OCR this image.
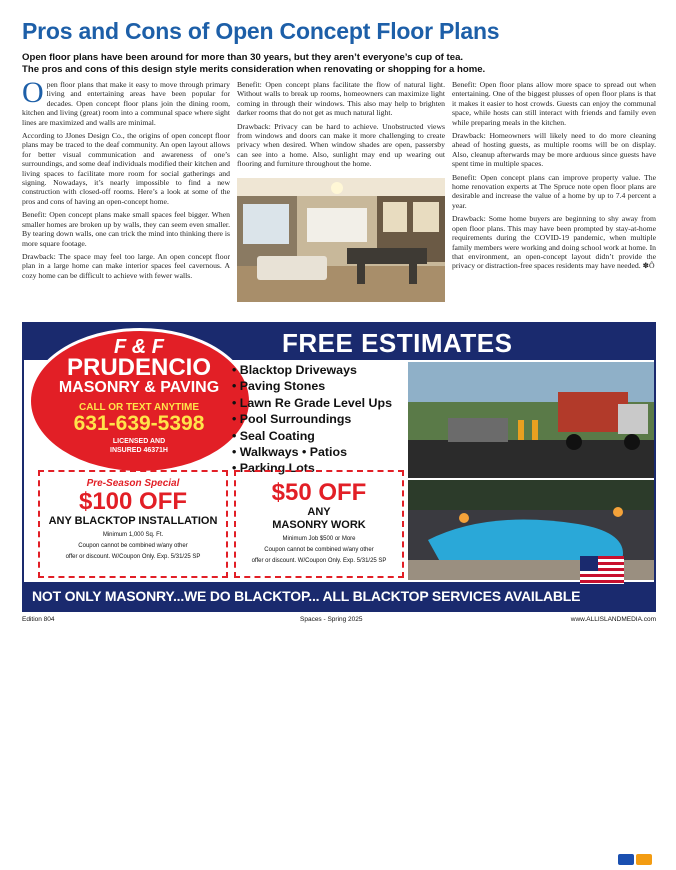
Pros and Cons of Open Concept Floor Plans
Open floor plans have been around for more than 30 years, but they aren’t everyone’s cup of tea.
The pros and cons of this design style merits consideration when renovating or shopping for a home.

Open floor plans that make it easy to move through primary living and entertaining areas have been popular for decades. Open concept floor plans join the dining room, kitchen and living (great) room into a communal space where sight lines are maximized and walls are minimal.

According to JJones Design Co., the origins of open concept floor plans may be traced to the deaf community. An open layout allows for better visual communication and awareness of one’s surroundings, and some deaf individuals modified their kitchen and living spaces to facilitate more room for social gatherings and signing. Nowadays, it’s nearly impossible to find a new construction with closed-off rooms. Here’s a look at some of the pros and cons of having an open-concept home.

Benefit: Open concept plans make small spaces feel bigger. When smaller homes are broken up by walls, they can seem even smaller. By tearing down walls, one can trick the mind into thinking there is more square footage.

Drawback: The space may feel too large. An open concept floor plan in a large home can make interior spaces feel cavernous. A cozy home can be difficult to achieve with fewer walls.

Benefit: Open concept plans facilitate the flow of natural light. Without walls to break up rooms, homeowners can maximize light coming in through their windows. This also may help to brighten darker rooms that do not get as much natural light.

Drawback: Privacy can be hard to achieve. Unobstructed views from windows and doors can make it more challenging to create privacy when desired. When window shades are open, passersby can see into a home. Also, sunlight may end up wearing out flooring and furniture throughout the home.

Benefit: Open floor plans allow more space to spread out when entertaining. One of the biggest plusses of open floor plans is that it makes it easier to host crowds. Guests can enjoy the communal space, while hosts can still interact with friends and family even while preparing meals in the kitchen.

Drawback: Homeowners will likely need to do more cleaning ahead of hosting guests, as multiple rooms will be on display. Also, cleanup afterwards may be more arduous since guests have spent time in multiple spaces.

Benefit: Open concept plans can improve property value. The home renovation experts at The Spruce note open floor plans are desirable and increase the value of a home by up to 7.4 percent a year.

Drawback: Some home buyers are beginning to shy away from open floor plans. This may have been prompted by stay-at-home requirements during the COVID-19 pandemic, when multiple family members were working and doing school work at home. In that environment, an open-concept layout didn’t provide the privacy or distraction-free spaces residents may have needed. ✽Ô

FREE ESTIMATES
F & F
PRUDENCIO
MASONRY & PAVING
CALL OR TEXT ANYTIME
631-639-5398
LICENSED AND
INSURED 46371H
• Blacktop Driveways
• Paving Stones
• Lawn Re Grade Level Ups
• Pool Surroundings
• Seal Coating
• Walkways • Patios
• Parking Lots
Pre-Season Special
$100 OFF
ANY BLACKTOP INSTALLATION
Minimum 1,000 Sq. Ft.
Coupon cannot be combined w/any other
offer or discount. W/Coupon Only. Exp. 5/31/25 SP
$50 OFF
ANY
MASONRY WORK
Minimum Job $500 or More
Coupon cannot be combined w/any other
offer or discount. W/Coupon Only. Exp. 5/31/25 SP
NOT ONLY MASONRY...WE DO BLACKTOP... ALL BLACKTOP SERVICES AVAILABLE
We Accept
Edition 804	Spaces - Spring 2025	www.ALLISLANDMEDIA.com
